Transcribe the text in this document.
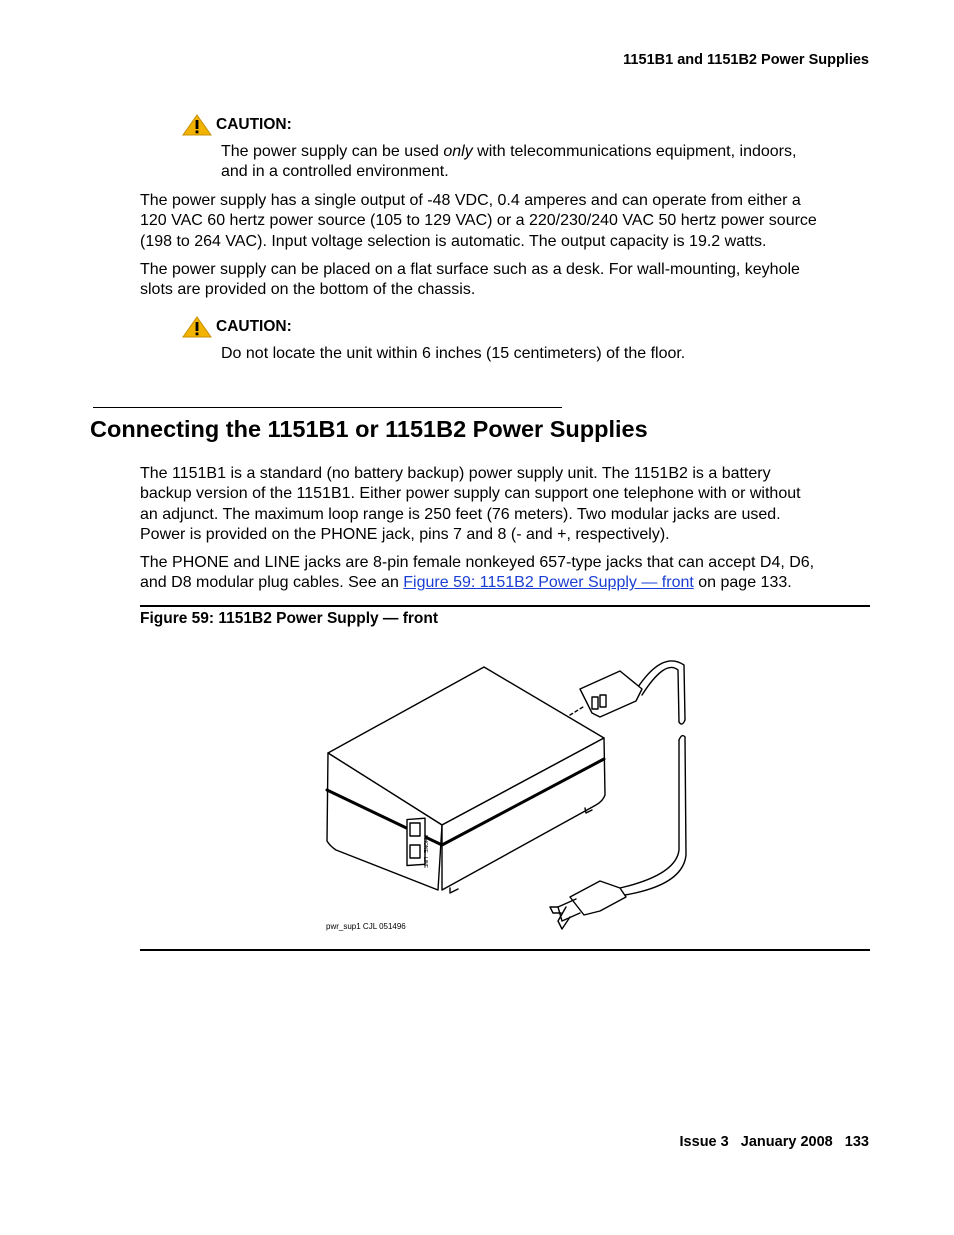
1151B1 and 1151B2 Power Supplies
CAUTION:
The power supply can be used only with telecommunications equipment, indoors,
and in a controlled environment.
The power supply has a single output of -48 VDC, 0.4 amperes and can operate from either a
120 VAC 60 hertz power source (105 to 129 VAC) or a 220/230/240 VAC 50 hertz power source
(198 to 264 VAC). Input voltage selection is automatic. The output capacity is 19.2 watts.
The power supply can be placed on a flat surface such as a desk. For wall-mounting, keyhole
slots are provided on the bottom of the chassis.
CAUTION:
Do not locate the unit within 6 inches (15 centimeters) of the floor.
Connecting the 1151B1 or 1151B2 Power Supplies
The 1151B1 is a standard (no battery backup) power supply unit. The 1151B2 is a battery
backup version of the 1151B1. Either power supply can support one telephone with or without
an adjunct. The maximum loop range is 250 feet (76 meters). Two modular jacks are used.
Power is provided on the PHONE jack, pins 7 and 8 (- and +, respectively).
The PHONE and LINE jacks are 8-pin female nonkeyed 657-type jacks that can accept D4, D6,
and D8 modular plug cables. See an Figure 59: 1151B2 Power Supply — front on page 133.
Figure 59: 1151B2 Power Supply — front
PHONE
LINE
pwr_sup1 CJL 051496
Issue 3 January 2008 133
